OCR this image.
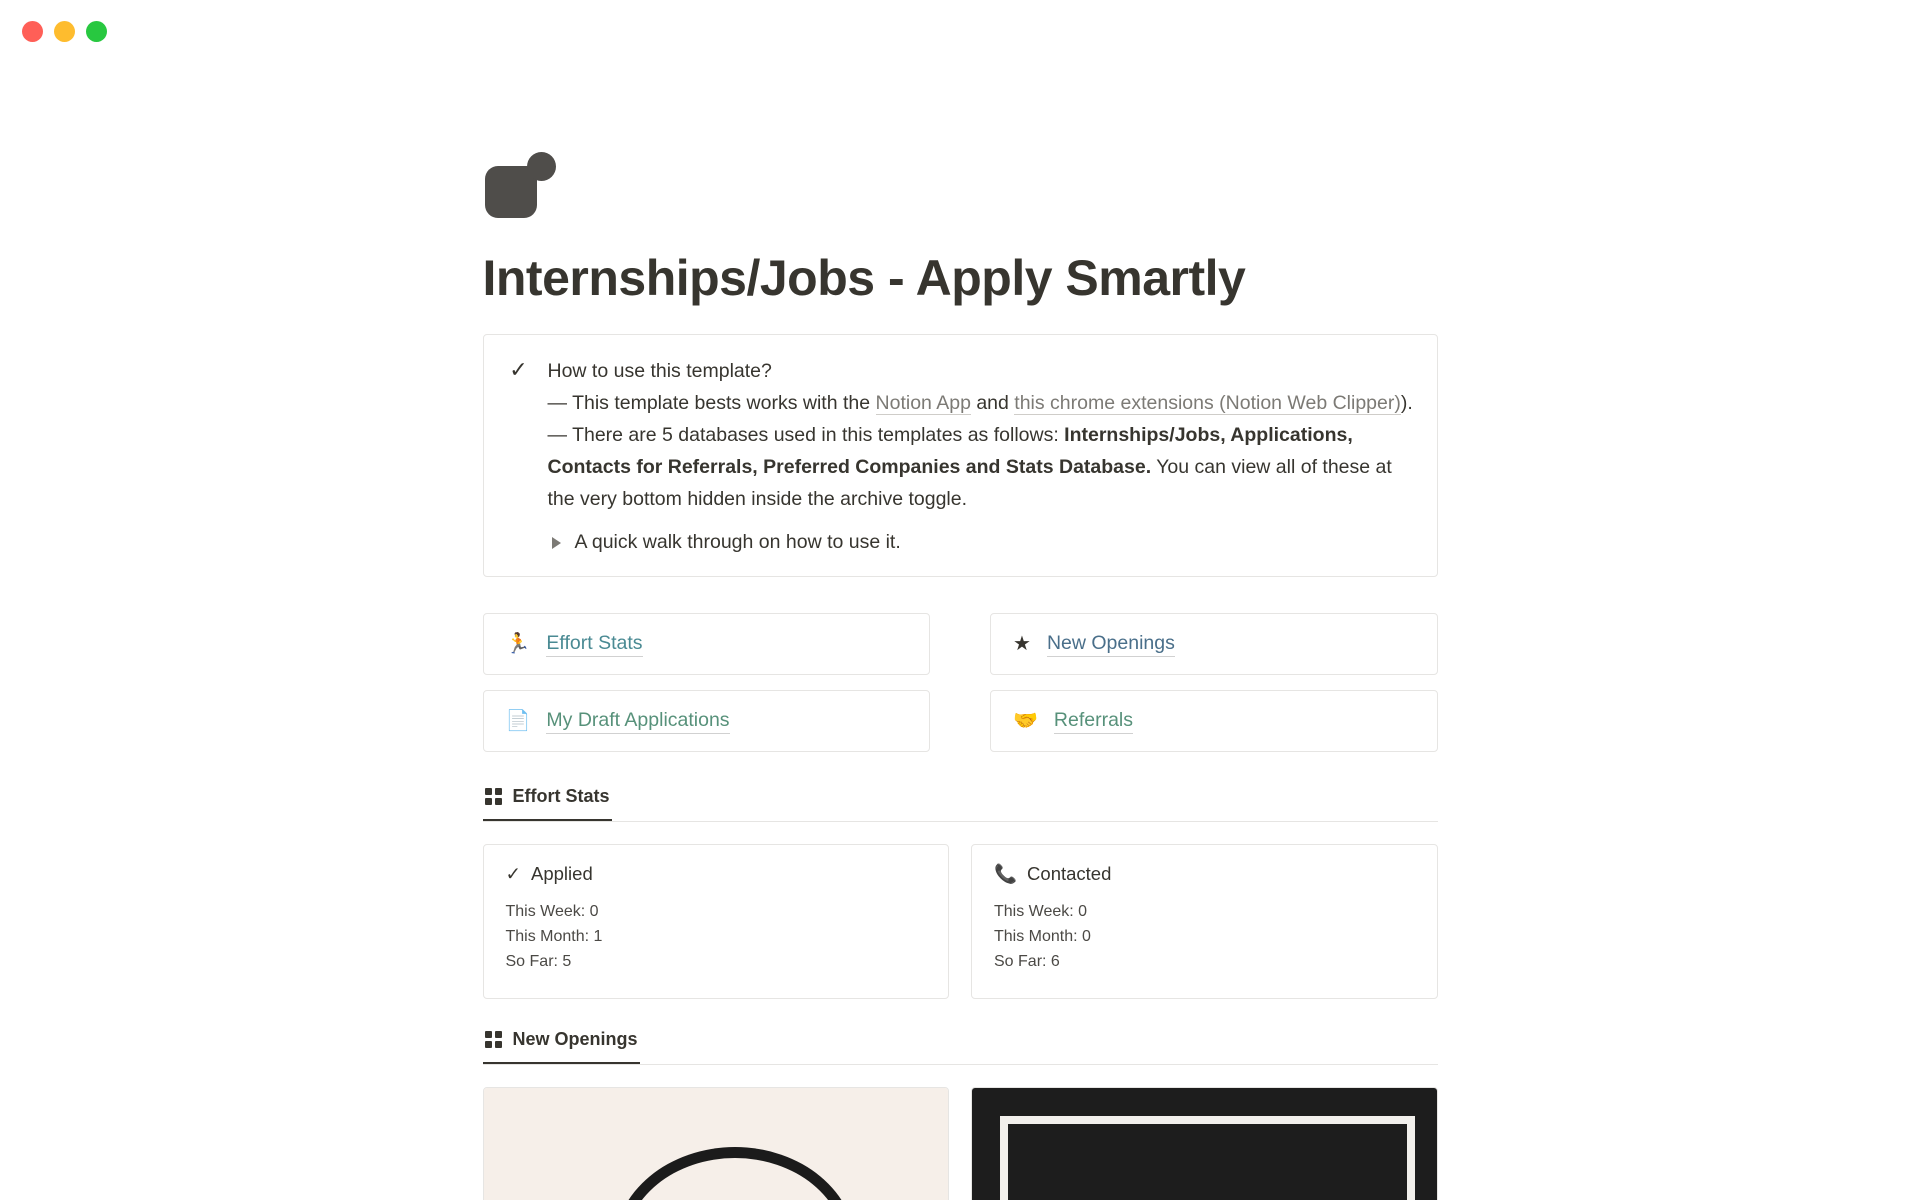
Internships/Jobs - Apply Smartly
✓ How to use this template?
— This template bests works with the Notion App and this chrome extensions (Notion Web Clipper)).
— There are 5 databases used in this templates as follows: Internships/Jobs, Applications, Contacts for Referrals, Preferred Companies and Stats Database. You can view all of these at the very bottom hidden inside the archive toggle.
A quick walk through on how to use it.
🏃 Effort Stats	★ New Openings
📄 My Draft Applications	🤝 Referrals
Effort Stats
✓ Applied
This Week: 0
This Month: 1
So Far: 5
📞 Contacted
This Week: 0
This Month: 0
So Far: 6
New Openings
